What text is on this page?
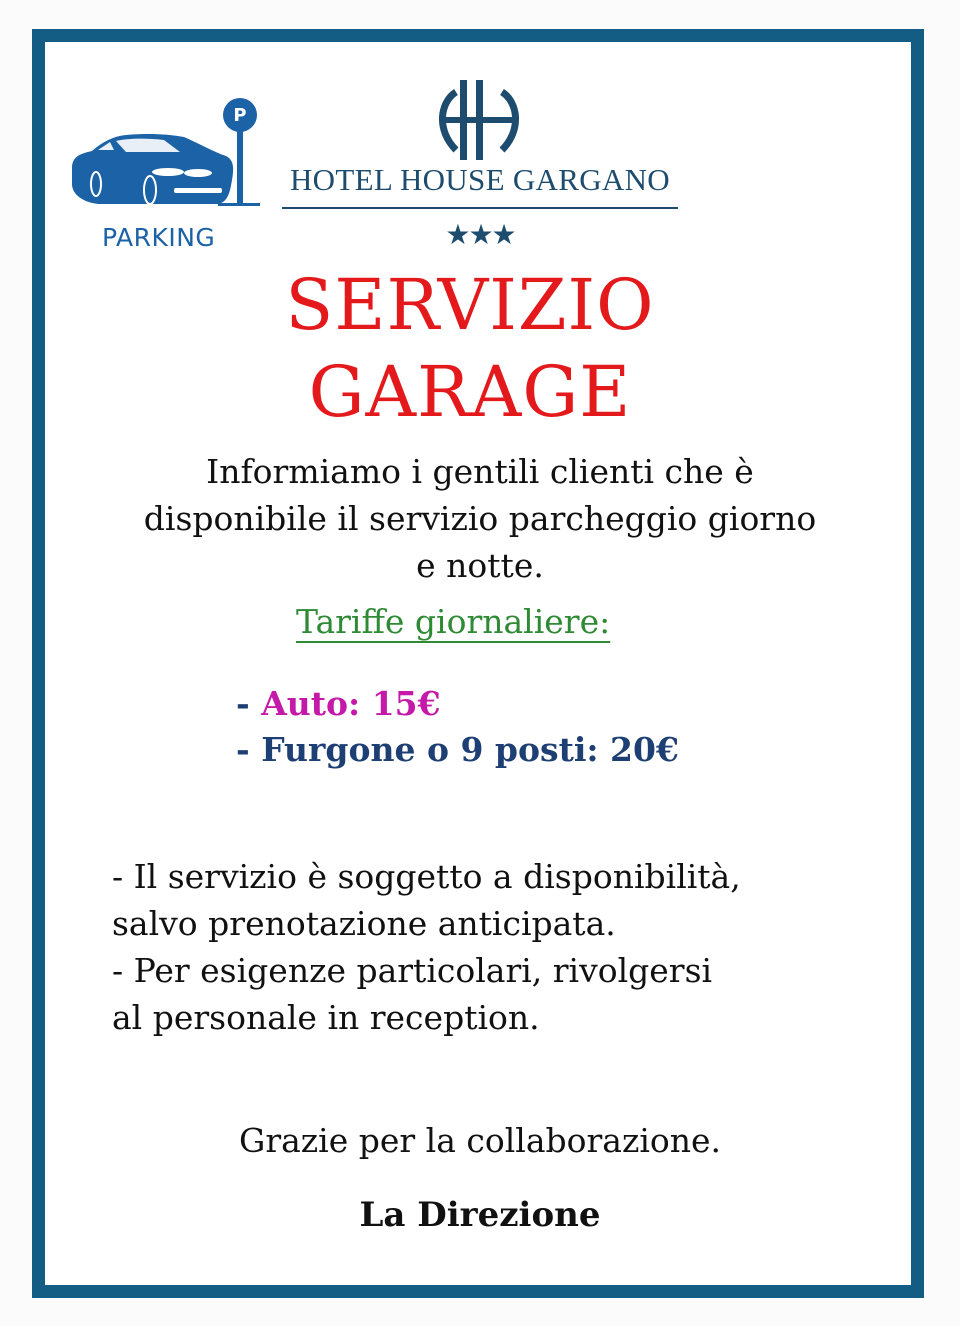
P
PARKING
HOTEL HOUSE GARGANO
★★★
SERVIZIO
GARAGE
Informiamo i gentili clienti che è
disponibile il servizio parcheggio giorno
e notte.
Tariffe giornaliere:
- Auto: 15€
- Furgone o 9 posti: 20€
- Il servizio è soggetto a disponibilità,
salvo prenotazione anticipata.
- Per esigenze particolari, rivolgersi
al personale in reception.
Grazie per la collaborazione.
La Direzione
